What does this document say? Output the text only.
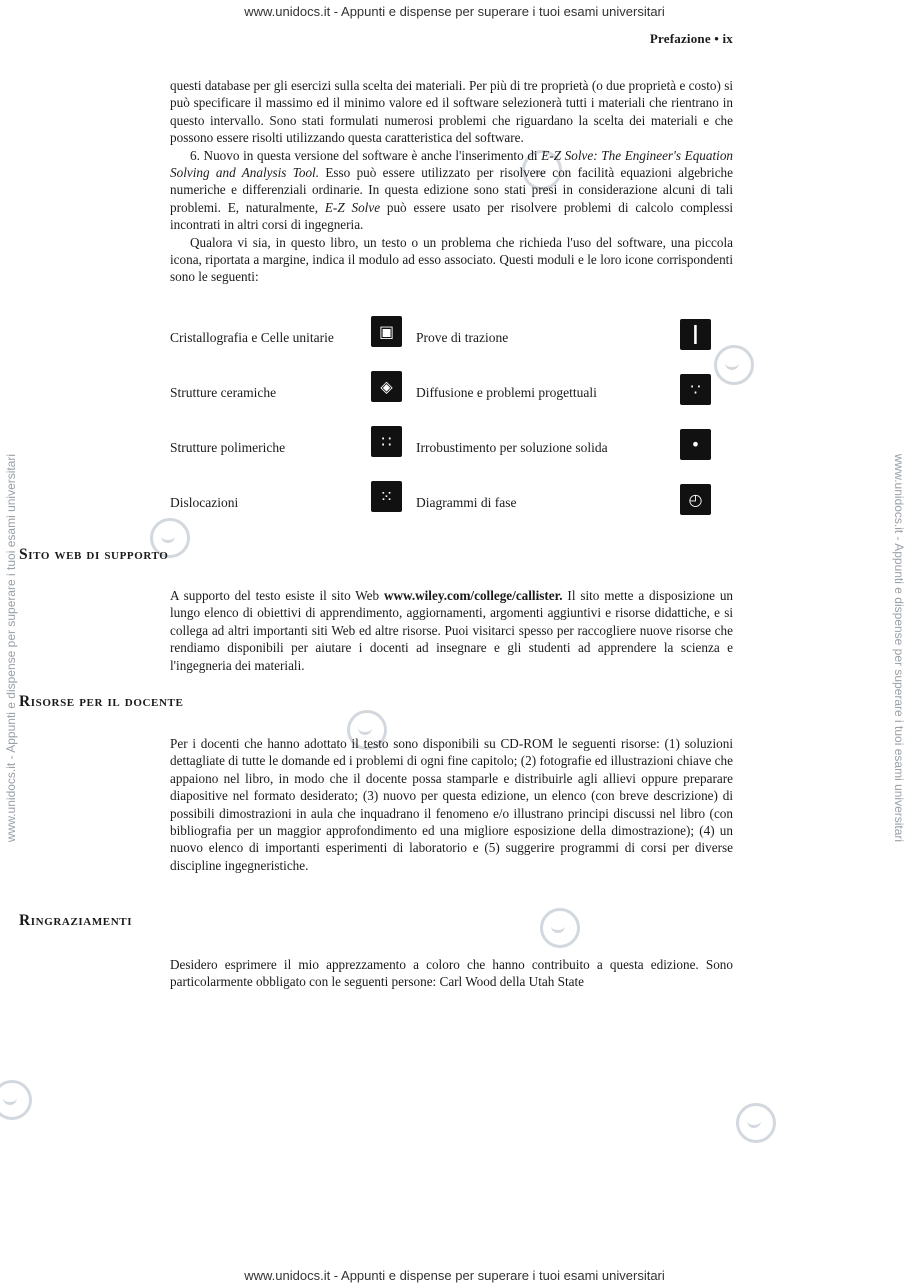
www.unidocs.it - Appunti e dispense per superare i tuoi esami universitari
www.unidocs.it - Appunti e dispense per superare i tuoi esami universitari
www.unidocs.it - Appunti e dispense per superare i tuoi esami universitari	www.unidocs.it - Appunti e dispense per superare i tuoi esami universitari
Prefazione • ix

questi database per gli esercizi sulla scelta dei materiali. Per più di tre proprietà (o due proprietà e costo) si può specificare il massimo ed il minimo valore ed il software selezionerà tutti i materiali che rientrano in questo intervallo. Sono stati formulati numerosi problemi che riguardano la scelta dei materiali e che possono essere risolti utilizzando questa caratteristica del software.

6. Nuovo in questa versione del software è anche l'inserimento di E-Z Solve: The Engineer's Equation Solving and Analysis Tool. Esso può essere utilizzato per risolvere con facilità equazioni algebriche numeriche e differenziali ordinarie. In questa edizione sono stati presi in considerazione alcuni di tali problemi. E, naturalmente, E-Z Solve può essere usato per risolvere problemi di calcolo complessi incontrati in altri corsi di ingegneria.

Qualora vi sia, in questo libro, un testo o un problema che richieda l'uso del software, una piccola icona, riportata a margine, indica il modulo ad esso associato. Questi moduli e le loro icone corrispondenti sono le seguenti:

Cristallografia e Celle unitarie	▣	Prove di trazione	┃
Strutture ceramiche	◈	Diffusione e problemi progettuali	∵
Strutture polimeriche	∷	Irrobustimento per soluzione solida	•
Dislocazioni	⁙	Diagrammi di fase	◴
Sito web di supporto

A supporto del testo esiste il sito Web www.wiley.com/college/callister. Il sito mette a disposizione un lungo elenco di obiettivi di apprendimento, aggiornamenti, argomenti aggiuntivi e risorse didattiche, e si collega ad altri importanti siti Web ed altre risorse. Puoi visitarci spesso per raccogliere nuove risorse che rendiamo disponibili per aiutare i docenti ad insegnare e gli studenti ad apprendere la scienza e l'ingegneria dei materiali.

Risorse per il docente

Per i docenti che hanno adottato il testo sono disponibili su CD-ROM le seguenti risorse: (1) soluzioni dettagliate di tutte le domande ed i problemi di ogni fine capitolo; (2) fotografie ed illustrazioni chiave che appaiono nel libro, in modo che il docente possa stamparle e distribuirle agli allievi oppure preparare diapositive nel formato desiderato; (3) nuovo per questa edizione, un elenco (con breve descrizione) di possibili dimostrazioni in aula che inquadrano il fenomeno e/o illustrano principi discussi nel libro (con bibliografia per un maggior approfondimento ed una migliore esposizione della dimostrazione); (4) un nuovo elenco di importanti esperimenti di laboratorio e (5) suggerire programmi di corsi per diverse discipline ingegneristiche.

Ringraziamenti

Desidero esprimere il mio apprezzamento a coloro che hanno contribuito a questa edizione. Sono particolarmente obbligato con le seguenti persone: Carl Wood della Utah State
